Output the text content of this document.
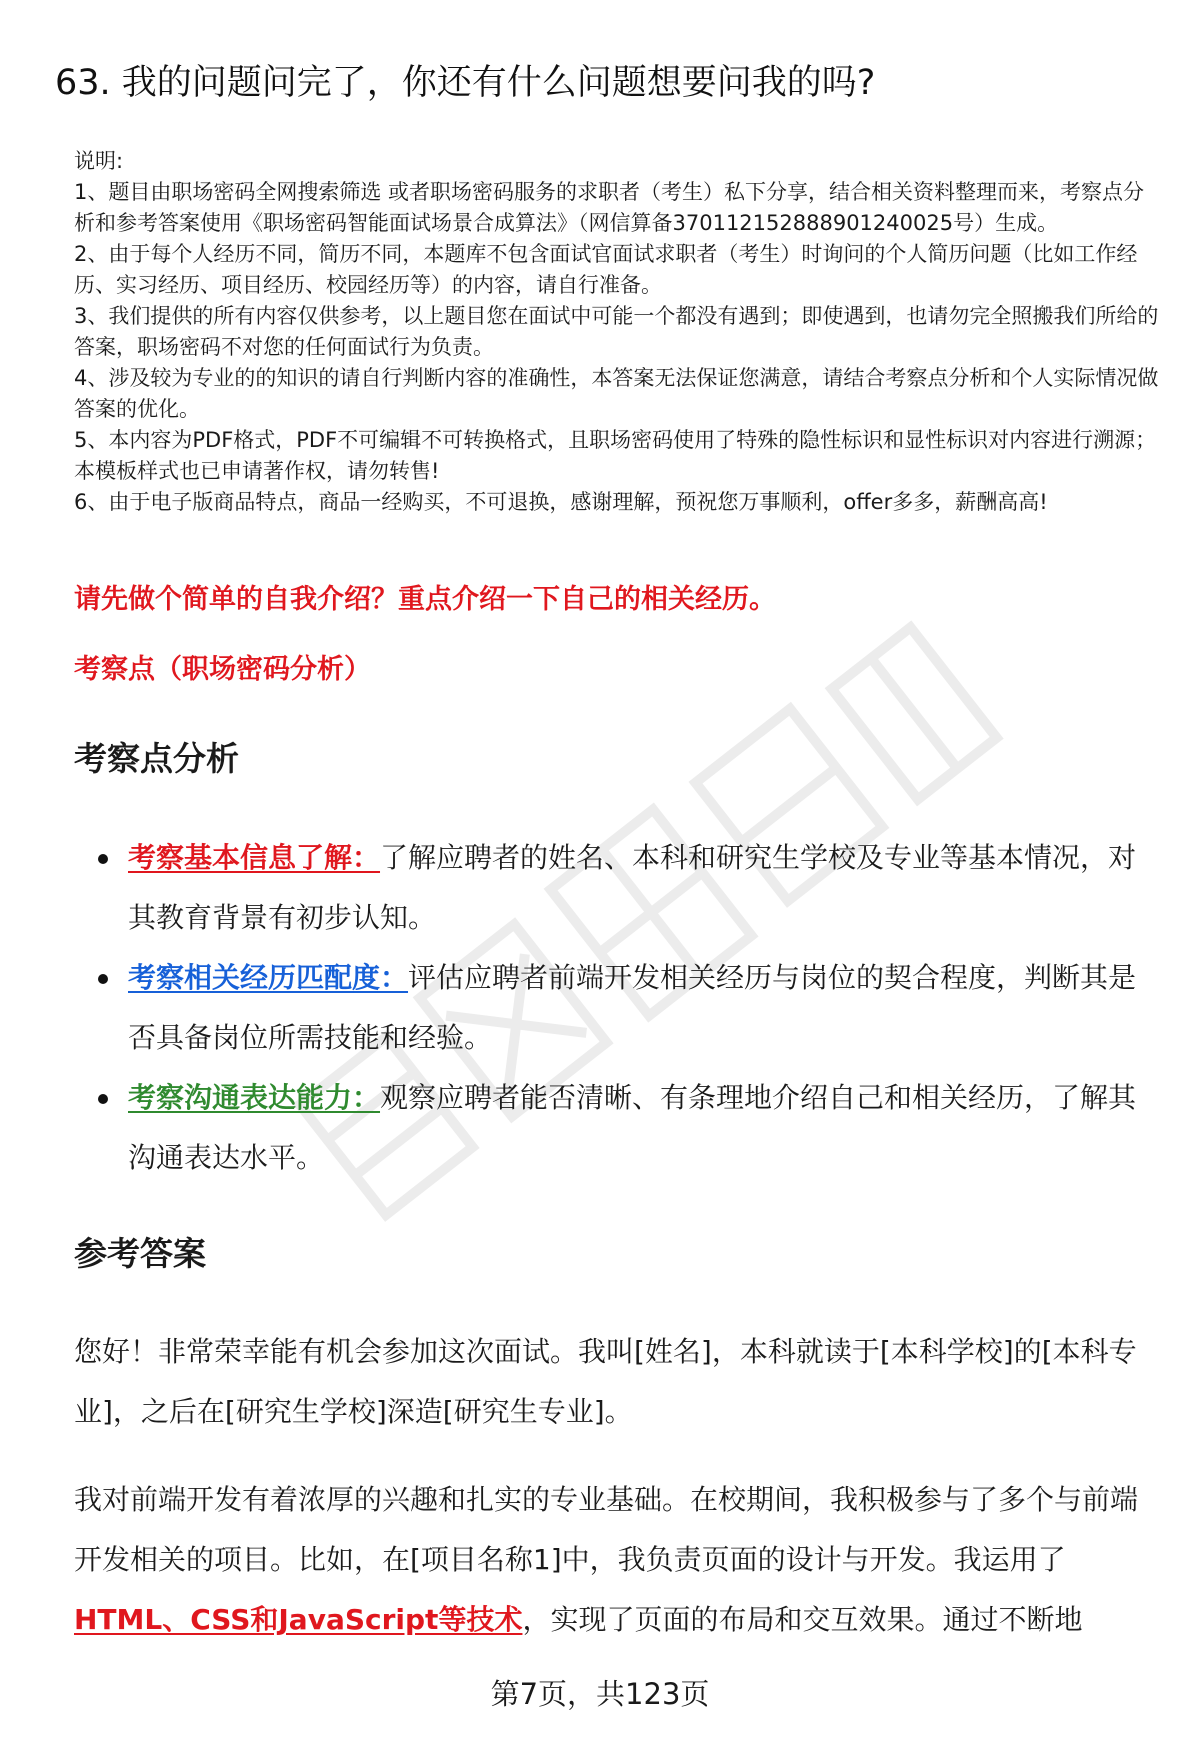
63. 我的问题问完了，你还有什么问题想要问我的吗?

说明:

1、题目由职场密码全网搜索筛选 或者职场密码服务的求职者（考生）私下分享，结合相关资料整理而来，考察点分析和参考答案使用《职场密码智能面试场景合成算法》（网信算备370112152888901240025号）生成。

2、由于每个人经历不同，简历不同，本题库不包含面试官面试求职者（考生）时询问的个人简历问题（比如工作经历、实习经历、项目经历、校园经历等）的内容，请自行准备。

3、我们提供的所有内容仅供参考，以上题目您在面试中可能一个都没有遇到；即使遇到，也请勿完全照搬我们所给的答案，职场密码不对您的任何面试行为负责。

4、涉及较为专业的的知识的请自行判断内容的准确性，本答案无法保证您满意，请结合考察点分析和个人实际情况做答案的优化。

5、本内容为PDF格式，PDF不可编辑不可转换格式，且职场密码使用了特殊的隐性标识和显性标识对内容进行溯源；本模板样式也已申请著作权，请勿转售!

6、由于电子版商品特点，商品一经购买，不可退换，感谢理解，预祝您万事顺利，offer多多，薪酬高高!

请先做个简单的自我介绍？重点介绍一下自己的相关经历。
考察点（职场密码分析）
考察点分析
考察基本信息了解：了解应聘者的姓名、本科和研究生学校及专业等基本情况，对其教育背景有初步认知。
考察相关经历匹配度：评估应聘者前端开发相关经历与岗位的契合程度，判断其是否具备岗位所需技能和经验。
考察沟通表达能力：观察应聘者能否清晰、有条理地介绍自己和相关经历，了解其沟通表达水平。
参考答案

您好！非常荣幸能有机会参加这次面试。我叫[姓名]，本科就读于[本科学校]的[本科专业]，之后在[研究生学校]深造[研究生专业]。

我对前端开发有着浓厚的兴趣和扎实的专业基础。在校期间，我积极参与了多个与前端开发相关的项目。比如，在[项目名称1]中，我负责页面的设计与开发。我运用了HTML、CSS和JavaScript等技术，实现了页面的布局和交互效果。通过不断地

第7页，共123页
